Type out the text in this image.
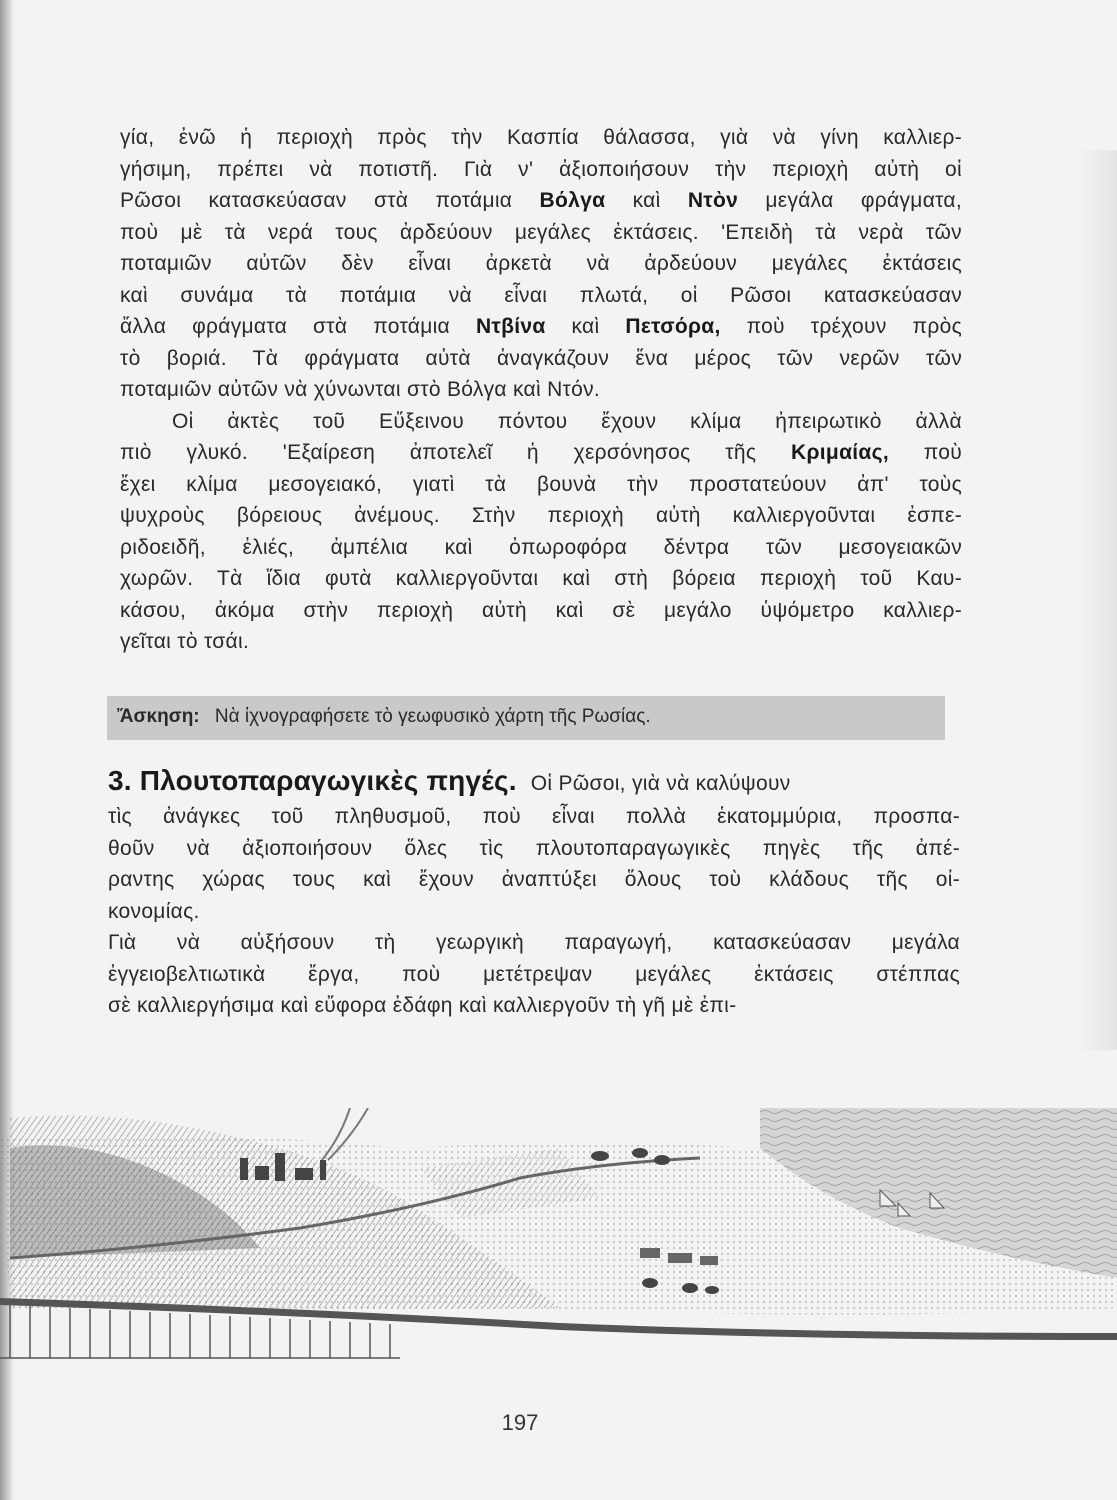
γία, ἐνῶ ἡ περιοχὴ πρὸς τὴν Κασπία θάλασσα, γιὰ νὰ γίνη καλλιερ-
γήσιμη, πρέπει νὰ ποτιστῆ. Γιὰ ν' ἀξιοποιήσουν τὴν περιοχὴ αὐτὴ οἱ
Ρῶσοι κατασκεύασαν στὰ ποτάμια Βόλγα καὶ Ντὸν μεγάλα φράγματα,
ποὺ μὲ τὰ νερά τους ἀρδεύουν μεγάλες ἐκτάσεις. 'Επειδὴ τὰ νερὰ τῶν
ποταμιῶν αὐτῶν δὲν εἶναι ἀρκετὰ νὰ ἀρδεύουν μεγάλες ἐκτάσεις
καὶ συνάμα τὰ ποτάμια νὰ εἶναι πλωτά, οἱ Ρῶσοι κατασκεύασαν
ἄλλα φράγματα στὰ ποτάμια Ντβίνα καὶ Πετσόρα, ποὺ τρέχουν πρὸς
τὸ βοριά. Τὰ φράγματα αὐτὰ ἀναγκάζουν ἕνα μέρος τῶν νερῶν τῶν
ποταμιῶν αὐτῶν νὰ χύνωνται στὸ Βόλγα καὶ Ντόν.
Οἱ ἀκτὲς τοῦ Εὔξεινου πόντου ἔχουν κλίμα ἠπειρωτικὸ ἀλλὰ
πιὸ γλυκό. 'Εξαίρεση ἀποτελεῖ ἡ χερσόνησος τῆς Κριμαίας, ποὺ
ἔχει κλίμα μεσογειακό, γιατὶ τὰ βουνὰ τὴν προστατεύουν ἀπ' τοὺς
ψυχροὺς βόρειους ἀνέμους. Στὴν περιοχὴ αὐτὴ καλλιεργοῦνται ἐσπε-
ριδοειδῆ, ἐλιές, ἀμπέλια καὶ ὀπωροφόρα δέντρα τῶν μεσογειακῶν
χωρῶν. Τὰ ἴδια φυτὰ καλλιεργοῦνται καὶ στὴ βόρεια περιοχὴ τοῦ Καυ-
κάσου, ἀκόμα στὴν περιοχὴ αὐτὴ καὶ σὲ μεγάλο ὑψόμετρο καλλιερ-
γεῖται τὸ τσάι.
Ἄσκηση: Νὰ ἰχνογραφήσετε τὸ γεωφυσικὸ χάρτη τῆς Ρωσίας.
3. Πλουτοπαραγωγικὲς πηγές. Οἱ Ρῶσοι, γιὰ νὰ καλύψουν
τὶς ἀνάγκες τοῦ πληθυσμοῦ, ποὺ εἶναι πολλὰ ἑκατομμύρια, προσπα-
θοῦν νὰ ἀξιοποιήσουν ὅλες τὶς πλουτοπαραγωγικὲς πηγὲς τῆς ἀπέ-
ραντης χώρας τους καὶ ἔχουν ἀναπτύξει ὅλους τοὺ κλάδους τῆς οἰ-
κονομίας.
Γιὰ νὰ αὐξήσουν τὴ γεωργικὴ παραγωγή, κατασκεύασαν μεγάλα
ἐγγειοβελτιωτικὰ ἔργα, ποὺ μετέτρεψαν μεγάλες ἐκτάσεις στέππας
σὲ καλλιεργήσιμα καὶ εὔφορα ἐδάφη καὶ καλλιεργοῦν τὴ γῆ μὲ ἐπι-
197
